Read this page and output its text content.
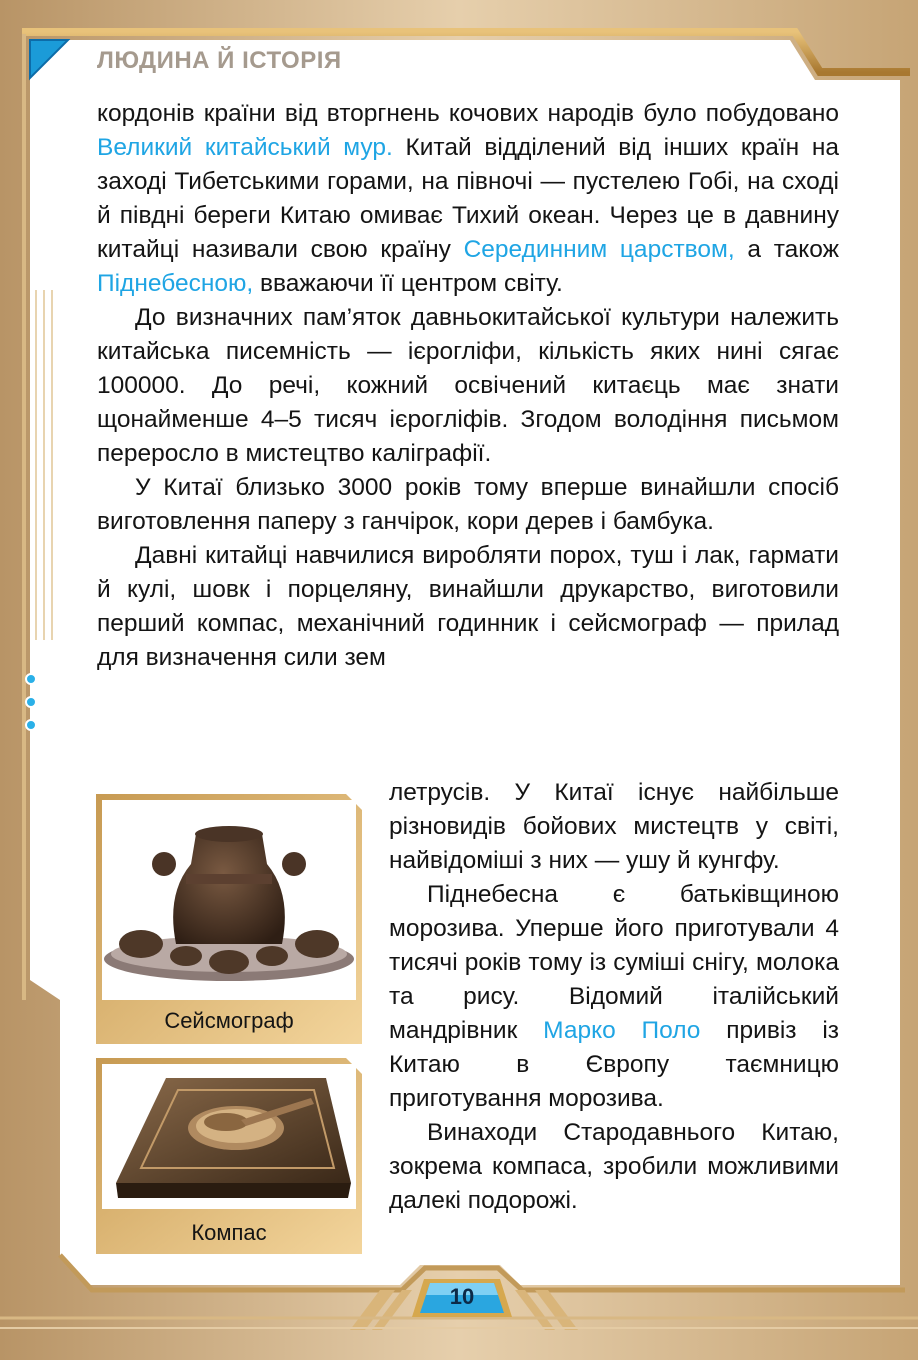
ЛЮДИНА Й ІСТОРІЯ

кордонів країни від вторгнень кочових народів було побудовано Великий китайський мур. Китай відділений від інших країн на заході Тибетськими горами, на півночі — пустелею Гобі, на сході й півдні береги Китаю омиває Тихий океан. Через це в давнину китайці називали свою країну Серединним царством, а також Піднебесною, вважаючи її центром світу.

До визначних пам’яток давньокитайської культури належить китайська писемність — ієрогліфи, кількість яких нині сягає 100000. До речі, кожний освічений китаєць має знати щонайменше 4–5 тисяч ієрогліфів. Згодом володіння письмом переросло в мистецтво каліграфії.

У Китаї близько 3000 років тому вперше винайшли спосіб виготовлення паперу з ганчірок, кори дерев і бамбука.

Давні китайці навчилися виробляти порох, туш і лак, гармати й кулі, шовк і порцеляну, винайшли друкарство, виготовили перший компас, механічний годинник і сейсмограф — прилад для визначення сили зем

летрусів. У Китаї існує найбільше різновидів бойових мистецтв у світі, найвідоміші з них — ушу й кунгфу.

Піднебесна є батьківщиною морозива. Уперше його приготували 4 тисячі років тому із суміші снігу, молока та рису. Відомий італійський мандрівник Марко Поло привіз із Китаю в Європу таємницю приготування морозива.

Винаходи Стародавнього Китаю, зокрема компаса, зробили можливими далекі подорожі.

Сейсмограф
Компас
10
